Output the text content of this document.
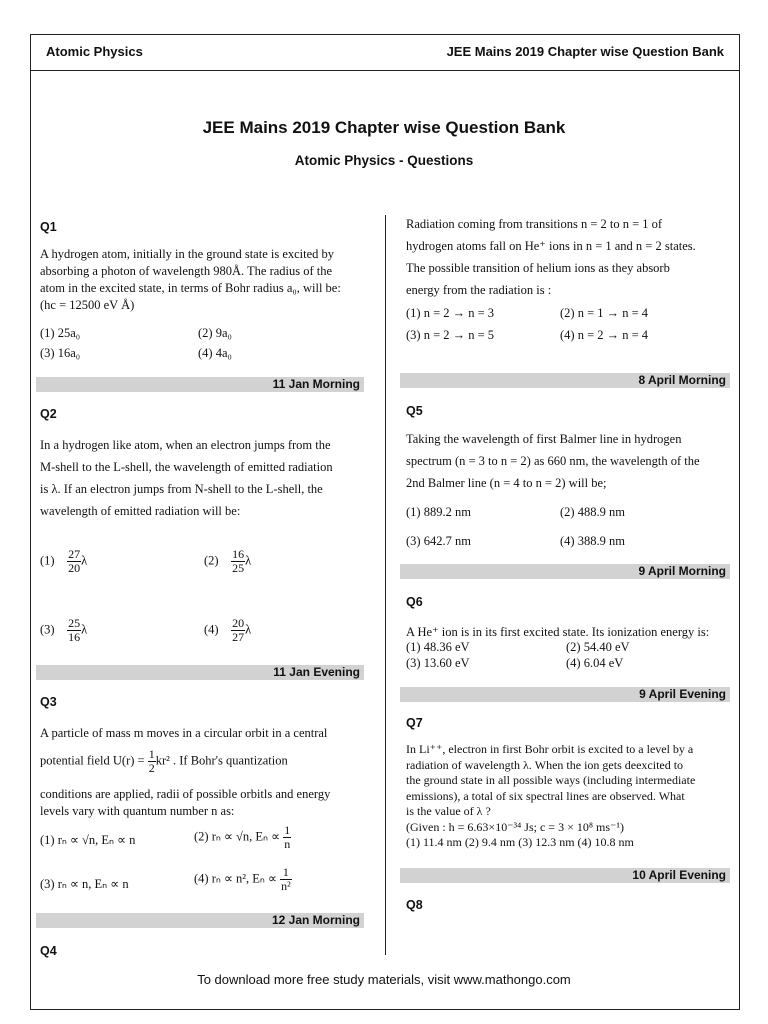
Atomic Physics	JEE Mains 2019 Chapter wise Question Bank
JEE Mains 2019 Chapter wise Question Bank
Atomic Physics - Questions
Q1
A hydrogen atom, initially in the ground state is excited by
absorbing a photon of wavelength 980Å. The radius of the
atom in the excited state, in terms of Bohr radius a₀, will be:
(hc = 12500 eV Å)
(1) 25a₀	(2) 9a₀
(3) 16a₀	(4) 4a₀
11 Jan Morning
Q2
In a hydrogen like atom, when an electron jumps from the
M-shell to the L-shell, the wavelength of emitted radiation
is λ. If an electron jumps from N-shell to the L-shell, the
wavelength of emitted radiation will be:
$(1) \frac{27}{20}$ λ	$(2) \frac{16}{25}$ λ
$(3) \frac{25}{16}$ λ	$(4) \frac{20}{27}$ λ
11 Jan Evening
Q3
A particle of mass m moves in a circular orbit in a central
potential field $U(r) = \frac{1}{2} kr^2$ . If Bohr's quantization
conditions are applied, radii of possible orbitls and energy
levels vary with quantum number n as:
(1) rₙ ∝ √n, Eₙ ∝ n	(2) rₙ ∝ √n, $E_n \propto \frac{1}{n}$
(3) rₙ ∝ n, Eₙ ∝ n	(4) rₙ ∝ n², $E_n \propto \frac{1}{\text{n²}}$
12 Jan Morning
Q4
Radiation coming from transitions n = 2 to n = 1 of
hydrogen atoms fall on He⁺ ions in n = 1 and n = 2 states.
The possible transition of helium ions as they absorb
energy from the radiation is :
(1) n = 2 → n = 3	(2) n = 1 → n = 4
(3) n = 2 → n = 5	(4) n = 2 → n = 4
8 April Morning
Q5
Taking the wavelength of first Balmer line in hydrogen
spectrum (n = 3 to n = 2) as 660 nm, the wavelength of the
2nd Balmer line (n = 4 to n = 2) will be;
(1) 889.2 nm	(2) 488.9 nm
(3) 642.7 nm	(4) 388.9 nm
9 April Morning
Q6
A He⁺ ion is in its first excited state. Its ionization energy is:
(1) 48.36 eV	(2) 54.40 eV
(3) 13.60 eV	(4) 6.04 eV
9 April Evening
Q7
In Li⁺⁺, electron in first Bohr orbit is excited to a level by a
radiation of wavelength λ. When the ion gets deexcited to
the ground state in all possible ways (including intermediate
emissions), a total of six spectral lines are observed. What
is the value of λ ?
(Given : h = 6.63×10⁻³⁴ Js; c = 3 × 10⁸ ms⁻¹)
(1) 11.4 nm (2) 9.4 nm (3) 12.3 nm (4) 10.8 nm
10 April Evening
Q8
To download more free study materials, visit www.mathongo.com
